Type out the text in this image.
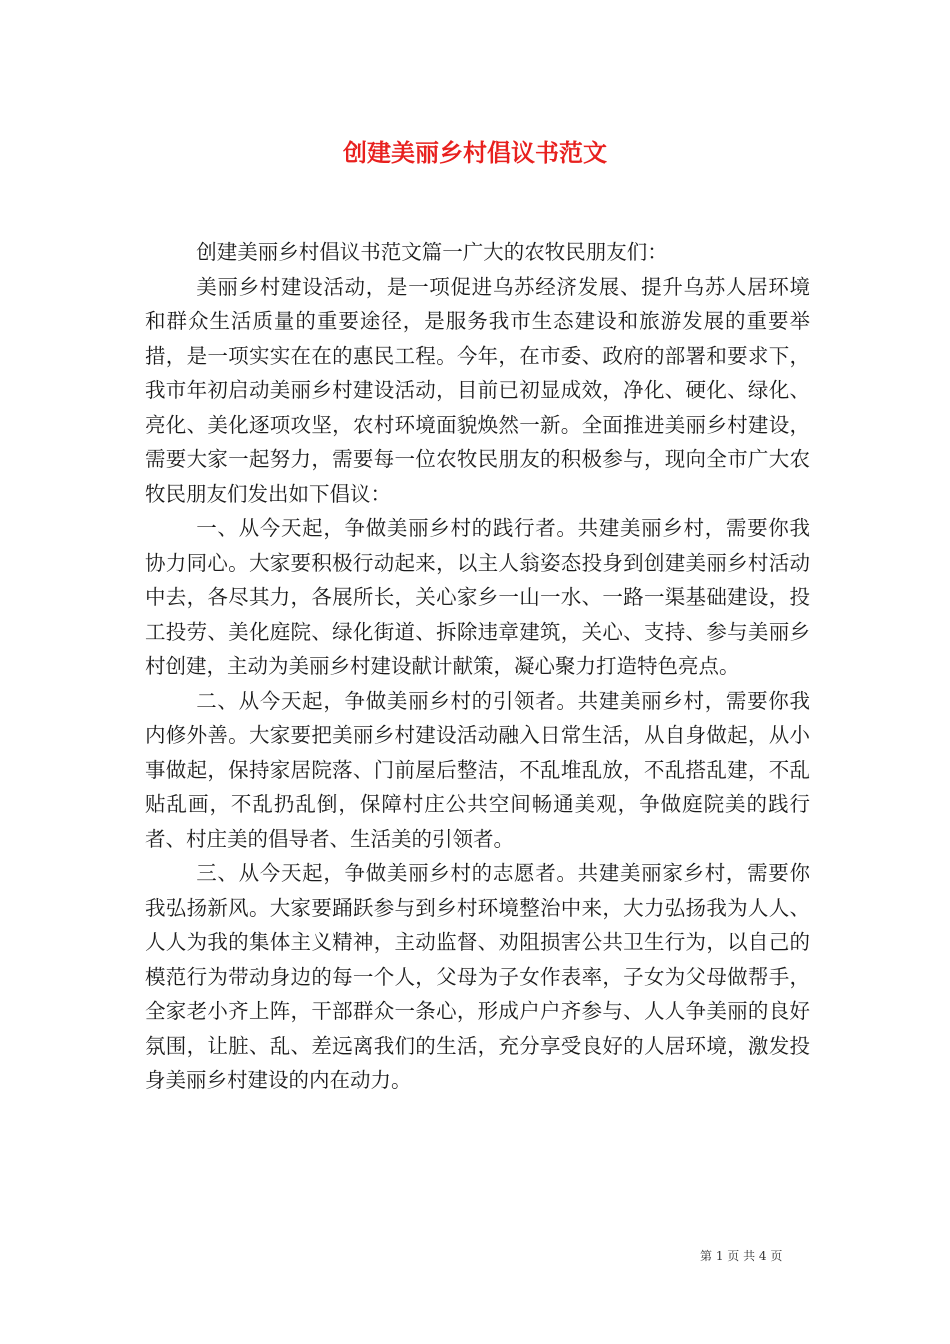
创建美丽乡村倡议书范文

创建美丽乡村倡议书范文篇一广大的农牧民朋友们：

美丽乡村建设活动，是一项促进乌苏经济发展、提升乌苏人居环境和群众生活质量的重要途径，是服务我市生态建设和旅游发展的重要举措，是一项实实在在的惠民工程。今年，在市委、政府的部署和要求下，我市年初启动美丽乡村建设活动，目前已初显成效，净化、硬化、绿化、亮化、美化逐项攻坚，农村环境面貌焕然一新。全面推进美丽乡村建设，需要大家一起努力，需要每一位农牧民朋友的积极参与，现向全市广大农牧民朋友们发出如下倡议：

一、从今天起，争做美丽乡村的践行者。共建美丽乡村，需要你我协力同心。大家要积极行动起来，以主人翁姿态投身到创建美丽乡村活动中去，各尽其力，各展所长，关心家乡一山一水、一路一渠基础建设，投工投劳、美化庭院、绿化街道、拆除违章建筑，关心、支持、参与美丽乡村创建，主动为美丽乡村建设献计献策，凝心聚力打造特色亮点。

二、从今天起，争做美丽乡村的引领者。共建美丽乡村，需要你我内修外善。大家要把美丽乡村建设活动融入日常生活，从自身做起，从小事做起，保持家居院落、门前屋后整洁，不乱堆乱放，不乱搭乱建，不乱贴乱画，不乱扔乱倒，保障村庄公共空间畅通美观，争做庭院美的践行者、村庄美的倡导者、生活美的引领者。

三、从今天起，争做美丽乡村的志愿者。共建美丽家乡村，需要你我弘扬新风。大家要踊跃参与到乡村环境整治中来，大力弘扬我为人人、人人为我的集体主义精神，主动监督、劝阻损害公共卫生行为，以自己的模范行为带动身边的每一个人，父母为子女作表率，子女为父母做帮手，全家老小齐上阵，干部群众一条心，形成户户齐参与、人人争美丽的良好氛围，让脏、乱、差远离我们的生活，充分享受良好的人居环境，激发投身美丽乡村建设的内在动力。

第 1 页 共 4 页
